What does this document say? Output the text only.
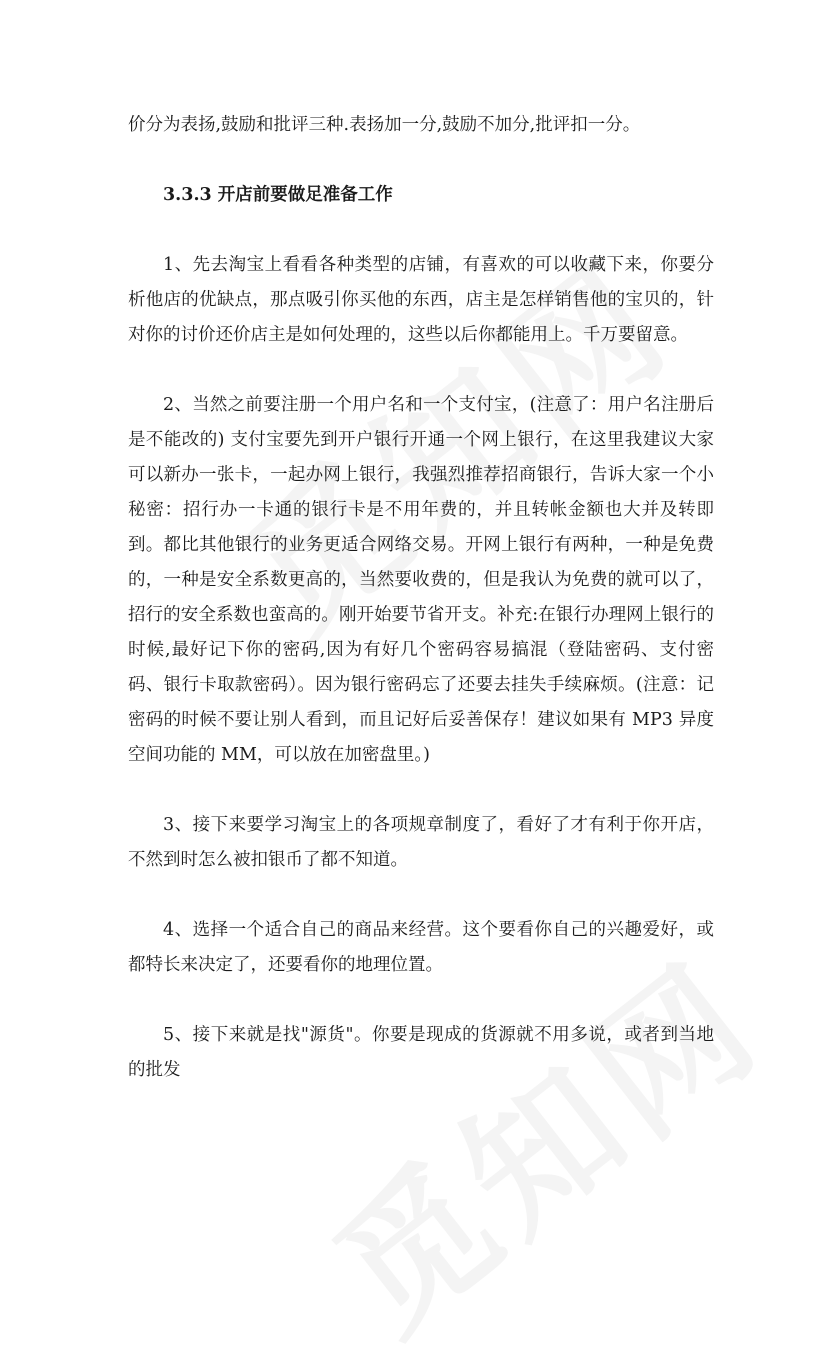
价分为表扬,鼓励和批评三种.表扬加一分,鼓励不加分,批评扣一分。

3.3.3 开店前要做足准备工作

1、先去淘宝上看看各种类型的店铺，有喜欢的可以收藏下来，你要分析他店的优缺点，那点吸引你买他的东西，店主是怎样销售他的宝贝的，针对你的讨价还价店主是如何处理的，这些以后你都能用上。千万要留意。

2、当然之前要注册一个用户名和一个支付宝，(注意了：用户名注册后是不能改的) 支付宝要先到开户银行开通一个网上银行，在这里我建议大家可以新办一张卡，一起办网上银行，我强烈推荐招商银行，告诉大家一个小秘密：招行办一卡通的银行卡是不用年费的，并且转帐金额也大并及转即到。都比其他银行的业务更适合网络交易。开网上银行有两种，一种是免费的，一种是安全系数更高的，当然要收费的，但是我认为免费的就可以了，招行的安全系数也蛮高的。刚开始要节省开支。补充:在银行办理网上银行的时候,最好记下你的密码,因为有好几个密码容易搞混（登陆密码、支付密码、银行卡取款密码）。因为银行密码忘了还要去挂失手续麻烦。(注意：记密码的时候不要让别人看到，而且记好后妥善保存！建议如果有 MP3 异度空间功能的 MM，可以放在加密盘里。)

3、接下来要学习淘宝上的各项规章制度了，看好了才有利于你开店，不然到时怎么被扣银币了都不知道。

4、选择一个适合自己的商品来经营。这个要看你自己的兴趣爱好，或都特长来决定了，还要看你的地理位置。

5、接下来就是找"源货"。你要是现成的货源就不用多说，或者到当地的批发
